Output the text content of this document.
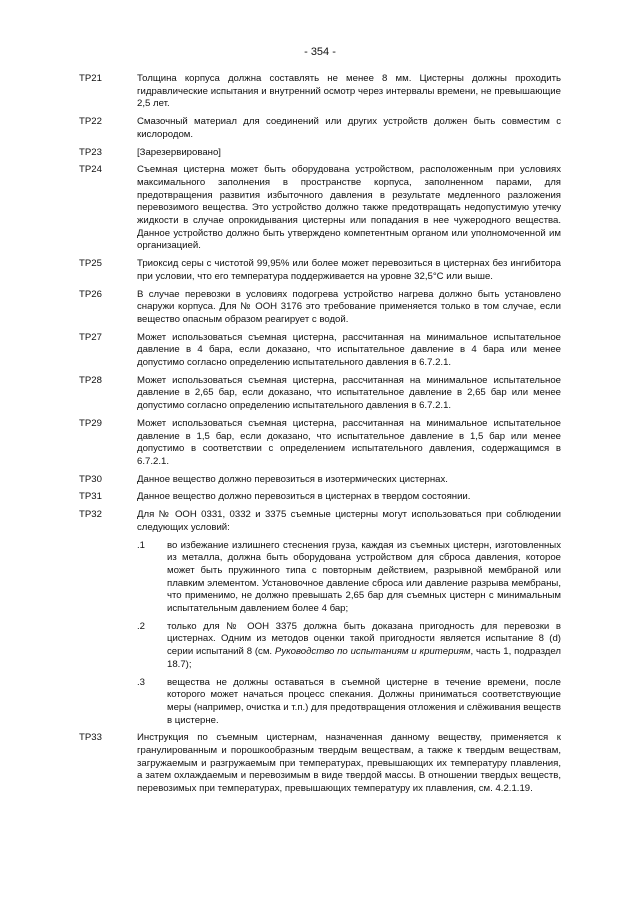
- 354 -
TP21	Толщина корпуса должна составлять не менее 8 мм. Цистерны должны проходить гидравлические испытания и внутренний осмотр через интервалы времени, не превышающие 2,5 лет.
TP22	Смазочный материал для соединений или других устройств должен быть совместим с кислородом.
TP23	[Зарезервировано]
TP24	Съемная цистерна может быть оборудована устройством, расположенным при условиях максимального заполнения в пространстве корпуса, заполненном парами, для предотвращения развития избыточного давления в результате медленного разложения перевозимого вещества. Это устройство должно также предотвращать недопустимую утечку жидкости в случае опрокидывания цистерны или попадания в нее чужеродного вещества. Данное устройство должно быть утверждено компетентным органом или уполномоченной им организацией.
TP25	Триоксид серы с чистотой 99,95% или более может перевозиться в цистернах без ингибитора при условии, что его температура поддерживается на уровне 32,5°C или выше.
TP26	В случае перевозки в условиях подогрева устройство нагрева должно быть установлено снаружи корпуса. Для № ООН 3176 это требование применяется только в том случае, если вещество опасным образом реагирует с водой.
TP27	Может использоваться съемная цистерна, рассчитанная на минимальное испытательное давление в 4 бара, если доказано, что испытательное давление в 4 бара или менее допустимо согласно определению испытательного давления в 6.7.2.1.
TP28	Может использоваться съемная цистерна, рассчитанная на минимальное испытательное давление в 2,65 бар, если доказано, что испытательное давление в 2,65 бар или менее допустимо согласно определению испытательного давления в 6.7.2.1.
TP29	Может использоваться съемная цистерна, рассчитанная на минимальное испытательное давление в 1,5 бар, если доказано, что испытательное давление в 1,5 бар или менее допустимо в соответствии с определением испытательного давления, содержащимся в 6.7.2.1.
TP30	Данное вещество должно перевозиться в изотермических цистернах.
TP31	Данное вещество должно перевозиться в цистернах в твердом состоянии.
TP32	Для № ООН 0331, 0332 и 3375 съемные цистерны могут использоваться при соблюдении следующих условий:
.1	во избежание излишнего стеснения груза, каждая из съемных цистерн, изготовленных из металла, должна быть оборудована устройством для сброса давления, которое может быть пружинного типа с повторным действием, разрывной мембраной или плавким элементом. Установочное давление сброса или давление разрыва мембраны, что применимо, не должно превышать 2,65 бар для съемных цистерн с минимальным испытательным давлением более 4 бар;
.2	только для № ООН 3375 должна быть доказана пригодность для перевозки в цистернах. Одним из методов оценки такой пригодности является испытание 8 (d) серии испытаний 8 (см. Руководство по испытаниям и критериям, часть 1, подраздел 18.7);
.3	вещества не должны оставаться в съемной цистерне в течение времени, после которого может начаться процесс спекания. Должны приниматься соответствующие меры (например, очистка и т.п.) для предотвращения отложения и слёживания веществ в цистерне.
TP33	Инструкция по съемным цистернам, назначенная данному веществу, применяется к гранулированным и порошкообразным твердым веществам, а также к твердым веществам, загружаемым и разгружаемым при температурах, превышающих их температуру плавления, а затем охлаждаемым и перевозимым в виде твердой массы. В отношении твердых веществ, перевозимых при температурах, превышающих температуру их плавления, см. 4.2.1.19.
